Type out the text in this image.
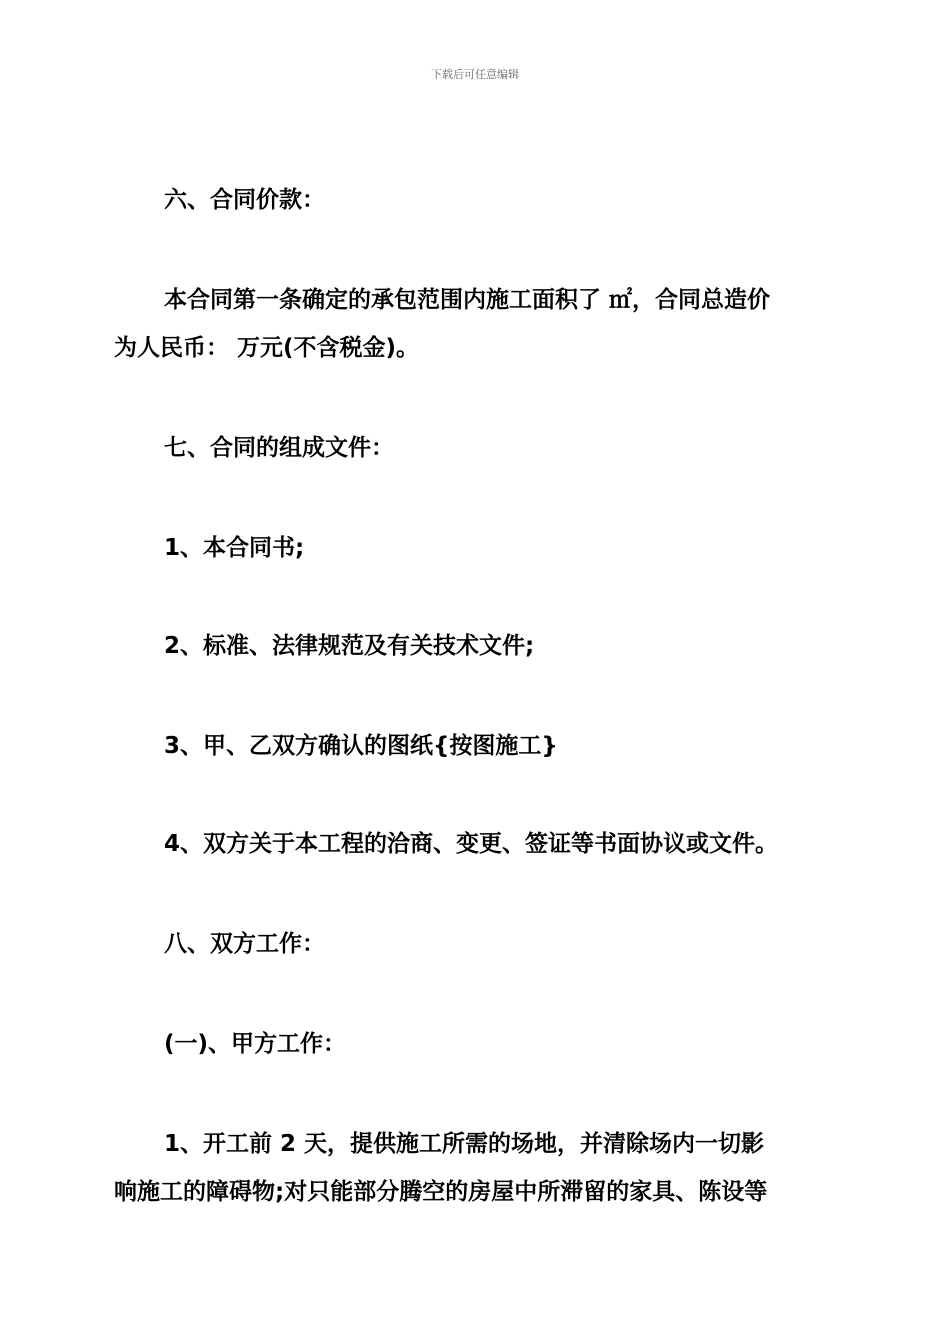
下载后可任意编辑

六、合同价款：

本合同第一条确定的承包范围内施工面积了 ㎡，合同总造价
为人民币： 万元(不含税金)。

七、合同的组成文件：

1、本合同书;

2、标准、法律规范及有关技术文件;

3、甲、乙双方确认的图纸{按图施工}

4、双方关于本工程的洽商、变更、签证等书面协议或文件。

八、双方工作：

(一)、甲方工作：

1、开工前 2 天，提供施工所需的场地，并清除场内一切影
响施工的障碍物;对只能部分腾空的房屋中所滞留的家具、陈设等
